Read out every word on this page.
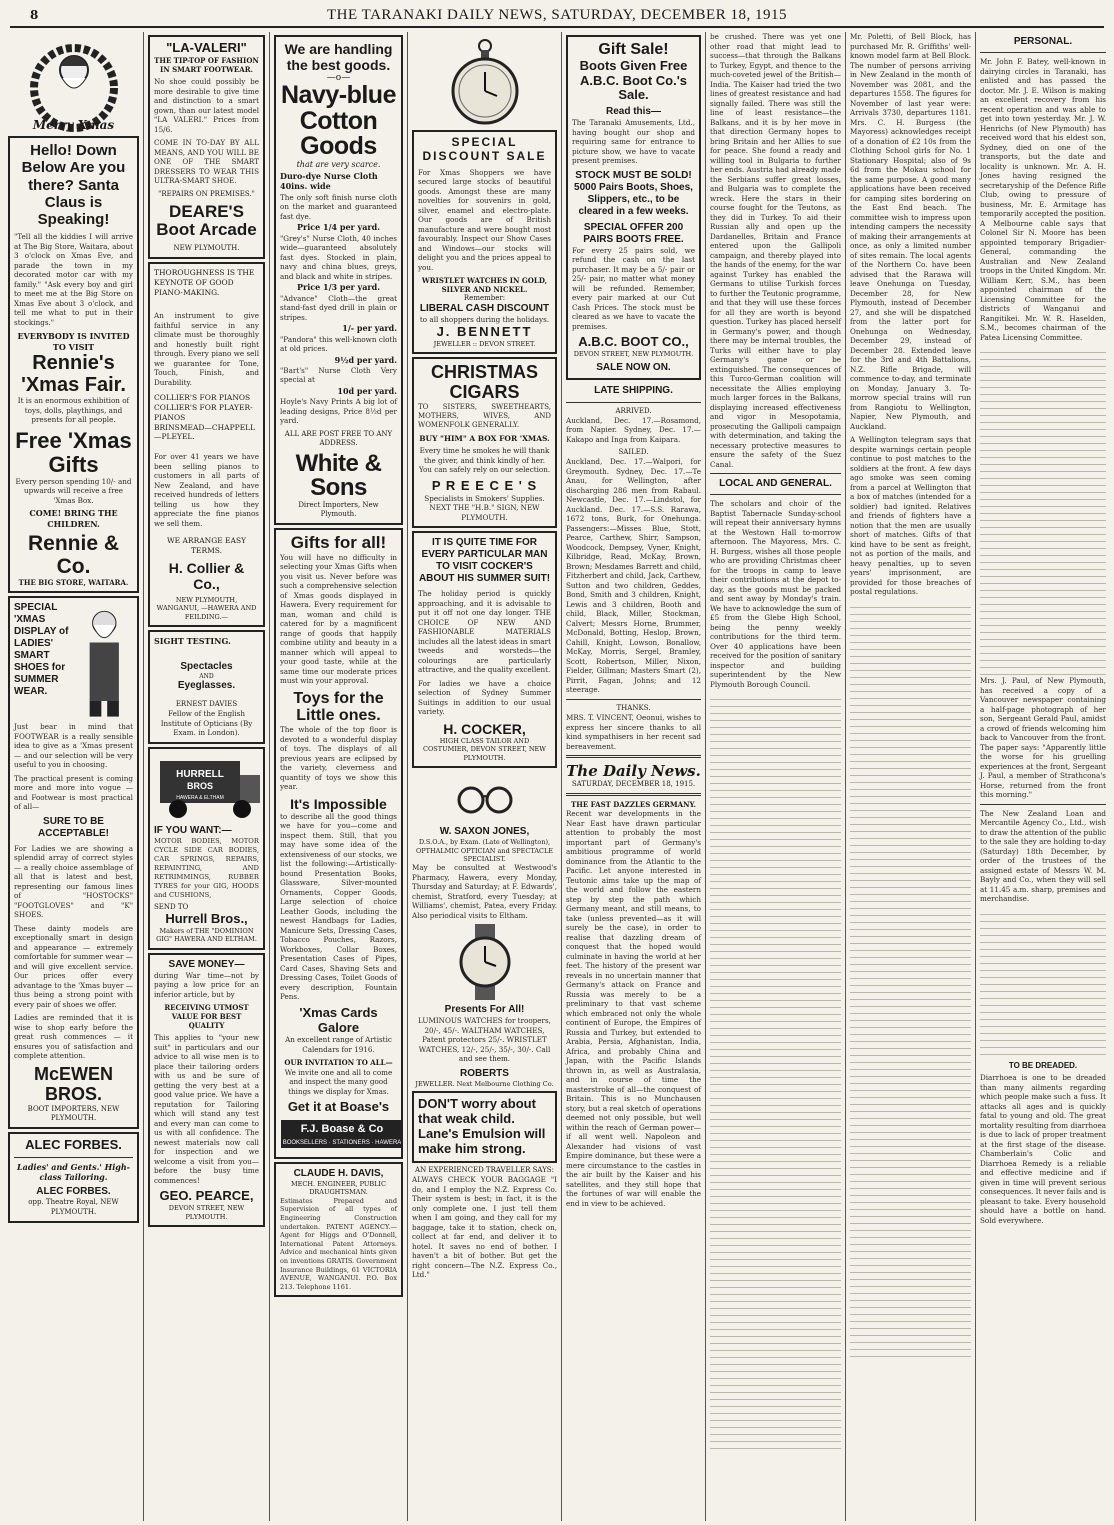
8	THE TARANAKI DAILY NEWS, SATURDAY, DECEMBER 18, 1915
Merry Xmas
Hello! Down Below Are you there? Santa Claus is Speaking!
"Tell all the kiddies I will arrive at The Big Store, Waitara, about 3 o'clock on Xmas Eve, and parade the town in my decorated motor car with my family." "Ask every boy and girl to meet me at the Big Store on Xmas Eve about 3 o'clock, and tell me what to put in their stockings."
EVERYBODY IS INVITED TO VISIT
Rennie's 'Xmas Fair.
It is an enormous exhibition of toys, dolls, playthings, and presents for all people.
Free 'Xmas Gifts
Every person spending 10/- and upwards will receive a free 'Xmas Box.
COME! BRING THE CHILDREN.
Rennie & Co.
THE BIG STORE, WAITARA.
SPECIAL 'XMAS DISPLAY of LADIES' SMART SHOES for SUMMER WEAR.
Just bear in mind that FOOTWEAR is a really sensible idea to give as a 'Xmas present — and our selection will be very useful to you in choosing.
The practical present is coming more and more into vogue — and Footwear is most practical of all—
SURE TO BE ACCEPTABLE!
For Ladies we are showing a splendid array of correct styles — a really choice assemblage of all that is latest and best, representing our famous lines of "HOSTOCKS" "FOOTGLOVES" and "K" SHOES.
These dainty models are exceptionally smart in design and appearance — extremely comfortable for summer wear — and will give excellent service. Our prices offer every advantage to the 'Xmas buyer — thus being a strong point with every pair of shoes we offer.
Ladies are reminded that it is wise to shop early before the great rush commences — it ensures you of satisfaction and complete attention.
McEWEN BROS.
BOOT IMPORTERS, NEW PLYMOUTH.
ALEC FORBES.
Ladies' and Gents.' High-class Tailoring.
ALEC FORBES.
opp. Theatre Royal, NEW PLYMOUTH.
"LA-VALERI"
THE TIP-TOP OF FASHION IN SMART FOOTWEAR.
No shoe could possibly be more desirable to give time and distinction to a smart gown, than our latest model "LA VALERI." Prices from 15/6.
COME IN TO-DAY BY ALL MEANS, AND YOU WILL BE ONE OF THE SMART DRESSERS TO WEAR THIS ULTRA-SMART SHOE.
"REPAIRS ON PREMISES."
DEARE'S Boot Arcade
NEW PLYMOUTH.
THOROUGHNESS IS THE KEYNOTE OF GOOD PIANO-MAKING.
An instrument to give faithful service in any climate must be thoroughly and honestly built right through. Every piano we sell we guarantee for Tone, Touch, Finish, and Durability.
COLLIER'S FOR PIANOS COLLIER'S FOR PLAYER-PIANOS
BRINSMEAD—CHAPPELL—PLEYEL.
For over 41 years we have been selling pianos to customers in all parts of New Zealand, and have received hundreds of letters telling us how they appreciate the fine pianos we sell them.
WE ARRANGE EASY TERMS.
H. Collier & Co.,
NEW PLYMOUTH, WANGANUI, —HAWERA AND FEILDING.—
SIGHT TESTING.
Spectacles
AND
Eyeglasses.
ERNEST DAVIES
Fellow of the English Institute of Opticians (By Exam. in London).
HURRELL
BROS
HAWERA & ELTHAM
IF YOU WANT:—
MOTOR BODIES, MOTOR CYCLE SIDE CAR BODIES, CAR SPRINGS, REPAIRS, REPAINTING, AND RETRIMMINGS, RUBBER TYRES for your GIG, HOODS and CUSHIONS,
SEND TO
Hurrell Bros.,
Makers of THE "DOMINION GIG" HAWERA AND ELTHAM.
SAVE MONEY—
during War time—not by paying a low price for an inferior article, but by
RECEIVING UTMOST VALUE FOR BEST QUALITY
This applies to "your new suit" in particulars and our advice to all wise men is to place their tailoring orders with us and be sure of getting the very best at a good value price. We have a reputation for Tailoring which will stand any test and every man can come to us with all confidence. The newest materials now call for inspection and we welcome a visit from you—before the busy time commences!
GEO. PEARCE,
DEVON STREET, NEW PLYMOUTH.
We are handling the best goods.
—o—
Navy-blue Cotton Goods
that are very scarce.
Duro-dye Nurse Cloth 40ins. wide
The only soft finish nurse cloth on the market and guaranteed fast dye.
Price 1/4 per yard.
"Grey's" Nurse Cloth, 40 inches wide—guaranteed absolutely fast dyes. Stocked in plain, navy and china blues, greys, and black and white in stripes.
Price 1/3 per yard.
"Advance" Cloth—the great stand-fast dyed drill in plain or stripes.
1/- per yard.
"Pandora" this well-known cloth at old prices.
9½d per yard.
"Bart's" Nurse Cloth Very special at
10d per yard.
Hoyle's Navy Prints A big lot of leading designs, Price 8½d per yard.
ALL ARE POST FREE TO ANY ADDRESS.
White & Sons
Direct Importers, New Plymouth.
Gifts for all!
You will have no difficulty in selecting your Xmas Gifts when you visit us. Never before was such a comprehensive selection of Xmas goods displayed in Hawera. Every requirement for man, woman and child is catered for by a magnificent range of goods that happily combine utility and beauty in a manner which will appeal to your good taste, while at the same time our moderate prices must win your approval.
Toys for the Little ones.
The whole of the top floor is devoted to a wonderful display of toys. The displays of all previous years are eclipsed by the variety, cleverness and quantity of toys we show this year.
It's Impossible
to describe all the good things we have for you—come and inspect them. Still, that you may have some idea of the extensiveness of our stocks, we list the following:—Artistically-bound Presentation Books, Glassware, Silver-mounted Ornaments, Copper Goods, Large selection of choice Leather Goods, including the newest Handbags for Ladies, Manicure Sets, Dressing Cases, Tobacco Pouches, Razors, Workboxes, Collar Boxes, Presentation Cases of Pipes, Card Cases, Shaving Sets and Dressing Cases, Toilet Goods of every description, Fountain Pens.
'Xmas Cards Galore
An excellent range of Artistic Calendars for 1916.
OUR INVITATION TO ALL—
We invite one and all to come and inspect the many good things we display for Xmas.
Get it at Boase's
F.J. Boase & Co
BOOKSELLERS · STATIONERS · HAWERA
CLAUDE H. DAVIS,
MECH. ENGINEER, PUBLIC DRAUGHTSMAN.
Estimates Prepared and Supervision of all types of Engineering Construction undertaken. PATENT AGENCY.—Agent for Higgs and O'Donnell, International Patent Attorneys. Advice and mechanical hints given on inventions GRATIS. Government Insurance Buildings, 61 VICTORIA AVENUE, WANGANUI. P.O. Box 213. Telephone 1161.
SPECIAL DISCOUNT SALE
For Xmas Shoppers we have secured large stocks of beautiful goods. Amongst these are many novelties for souvenirs in gold, silver, enamel and electro-plate. Our goods are of British manufacture and were bought most favourably. Inspect our Show Cases and Windows—our stocks will delight you and the prices appeal to you.
WRISTLET WATCHES IN GOLD, SILVER AND NICKEL.
Remember:
LIBERAL CASH DISCOUNT
to all shoppers during the holidays.
J. BENNETT
JEWELLER :: DEVON STREET.
CHRISTMAS CIGARS
TO SISTERS, SWEETHEARTS, MOTHERS, WIVES, AND WOMENFOLK GENERALLY.
BUY "HIM" A BOX FOR 'XMAS.
Every time he smokes he will thank the giver, and think kindly of her. You can safely rely on our selection.
P R E E C E ' S
Specialists in Smokers' Supplies. NEXT THE "H.B." SIGN, NEW PLYMOUTH.
IT IS QUITE TIME FOR EVERY PARTICULAR MAN TO VISIT COCKER'S ABOUT HIS SUMMER SUIT!
The holiday period is quickly approaching, and it is advisable to put it off not one day longer. THE CHOICE OF NEW AND FASHIONABLE MATERIALS includes all the latest ideas in smart tweeds and worsteds—the colourings are particularly attractive, and the quality excellent.
For ladies we have a choice selection of Sydney Summer Suitings in addition to our usual variety.
H. COCKER,
HIGH CLASS TAILOR AND COSTUMIER, DEVON STREET, NEW PLYMOUTH.
W. SAXON JONES,
D.S.O.A., by Exam. (Late of Wellington), OPTHALMIC OPTICIAN and SPECTACLE SPECIALIST.
May be consulted at Westwood's Pharmacy, Hawera, every Monday, Thursday and Saturday; at F. Edwards', chemist, Stratford, every Tuesday; at Williams', chemist, Patea, every Friday. Also periodical visits to Eltham.
Presents For All!
LUMINOUS WATCHES for troopers, 20/-, 45/-. WALTHAM WATCHES, Patent protectors 25/-. WRISTLET WATCHES, 12/-, 25/-, 35/-, 30/-. Call and see them.
ROBERTS
JEWELLER. Next Melbourne Clothing Co.
DON'T worry about that weak child. Lane's Emulsion will make him strong.
AN EXPERIENCED TRAVELLER SAYS:
ALWAYS CHECK YOUR BAGGAGE "I do, and I employ the N.Z. Express Co. Their system is best; in fact, it is the only complete one. I just tell them when I am going, and they call for my baggage, take it to station, check on, collect at far end, and deliver it to hotel. It saves no end of bother. I haven't a bit of bother. But get the right concern—The N.Z. Express Co., Ltd."
Gift Sale!
Boots Given Free
A.B.C. Boot Co.'s Sale.
Read this—
The Taranaki Amusements, Ltd., having bought our shop and requiring same for entrance to picture show, we have to vacate present premises.
STOCK MUST BE SOLD! 5000 Pairs Boots, Shoes, Slippers, etc., to be cleared in a few weeks.
SPECIAL OFFER 200 PAIRS BOOTS FREE.
For every 25 pairs sold, we refund the cash on the last purchaser. It may be a 5/- pair or 25/- pair, no matter what money will be refunded. Remember, every pair marked at our Cut Cash Prices. The stock must be cleared as we have to vacate the premises.
A.B.C. BOOT CO.,
DEVON STREET, NEW PLYMOUTH.
SALE NOW ON.
LATE SHIPPING.
ARRIVED.
Auckland, Dec. 17.—Rosamond, from Napier. Sydney, Dec. 17.—Kakapo and Inga from Kaipara.
SAILED.
Auckland, Dec. 17.—Walpori, for Greymouth. Sydney, Dec. 17.—Te Anau, for Wellington, after discharging 286 men from Rabaul. Newcastle, Dec. 17.—Lindstol, for Auckland. Dec. 17.—S.S. Rarawa, 1672 tons, Burk, for Onehunga. Passengers:—Misses Blue, Stott, Pearce, Carthew, Shirr, Sampson, Woodcock, Dempsey, Vyner, Knight, Kilbridge, Read, McKay, Brown, Brown; Mesdames Barrett and child, Fitzherbert and child, Jack, Carthew, Sutton and two children, Geddes, Bond, Smith and 3 children, Knight, Lewis and 3 children, Booth and child, Black, Miller, Stockman, Calvert; Messrs Horne, Brummer, McDonald, Botting, Heslop, Brown, Cahill, Knight, Lowson, Bonallow, McKay, Morris, Sergel, Bramley, Scott, Robertson, Miller, Nixon, Fielder, Gillman; Masters Smart (2), Pirrit, Fagan, Johns; and 12 steerage.
THANKS.
MRS. T. VINCENT, Oeonui, wishes to express her sincere thanks to all kind sympathisers in her recent sad bereavement.
The Daily News.
SATURDAY, DECEMBER 18, 1915.
THE FAST DAZZLES GERMANY.
Recent war developments in the Near East have drawn particular attention to probably the most important part of Germany's ambitious programme of world dominance from the Atlantic to the Pacific. Let anyone interested in Teutonic aims take up the map of the world and follow the eastern step by step the path which Germany meant, and still means, to take (unless prevented—as it will surely be the case), in order to realise that dazzling dream of conquest that the hoped would culminate in having the world at her feet. The history of the present war reveals in no uncertain manner that Germany's attack on France and Russia was merely to be a preliminary to that vast scheme which embraced not only the whole continent of Europe, the Empires of Russia and Turkey, but extended to Arabia, Persia, Afghanistan, India, Africa, and probably China and Japan, with the Pacific Islands thrown in, as well as Australasia, and in course of time the masterstroke of all—the conquest of Britain. This is no Munchausen story, but a real sketch of operations deemed not only possible, but well within the reach of German power—if all went well. Napoleon and Alexander had visions of vast Empire dominance, but these were a mere circumstance to the castles in the air built by the Kaiser and his satellites, and they still hope that the fortunes of war will enable the end in view to be achieved.
be crushed. There was yet one other road that might lead to success—that through the Balkans to Turkey, Egypt, and thence to the much-coveted jewel of the British—India. The Kaiser had tried the two lines of greatest resistance and had signally failed. There was still the line of least resistance—the Balkans, and it is by her move in that direction Germany hopes to bring Britain and her Allies to sue for peace. She found a ready and willing tool in Bulgaria to further her ends. Austria had already made the Serbians suffer great losses, and Bulgaria was to complete the wreck. Here the stars in their course fought for the Teutons, as they did in Turkey. To aid their Russian ally and open up the Dardanelles, Britain and France entered upon the Gallipoli campaign, and thereby played into the hands of the enemy, for the war against Turkey has enabled the Germans to utilise Turkish forces to further the Teutonic programme, and that they will use these forces for all they are worth is beyond question. Turkey has placed herself in Germany's power, and though there may be internal troubles, the Turks will either have to play Germany's game or be extinguished. The consequences of this Turco-German coalition will necessitate the Allies employing much larger forces in the Balkans, displaying increased effectiveness and vigor in Mesopotamia, prosecuting the Gallipoli campaign with determination, and taking the necessary protective measures to ensure the safety of the Suez Canal.
LOCAL AND GENERAL.
The scholars and choir of the Baptist Tabernacle Sunday-school will repeat their anniversary hymns at the Westown Hall to-morrow afternoon. The Mayoress, Mrs. C. H. Burgess, wishes all those people who are providing Christmas cheer for the troops in camp to leave their contributions at the depot to-day, as the goods must be packed and sent away by Monday's train. We have to acknowledge the sum of £5 from the Glebe High School, being the penny weekly contributions for the third term. Over 40 applications have been received for the position of sanitary inspector and building superintendent by the New Plymouth Borough Council.
Mr. Poletti, of Bell Block, has purchased Mr. R. Griffiths' well-known model farm at Bell Block. The number of persons arriving in New Zealand in the month of November was 2081, and the departures 1558. The figures for November of last year were: Arrivals 3730, departures 1181. Mrs. C. H. Burgess (the Mayoress) acknowledges receipt of a donation of £2 10s from the Clothing School girls for No. 1 Stationary Hospital; also of 9s 6d from the Mokau school for the same purpose. A good many applications have been received for camping sites bordering on the East End beach. The committee wish to impress upon intending campers the necessity of making their arrangements at once, as only a limited number of sites remain. The local agents of the Northern Co. have been advised that the Rarawa will leave Onehunga on Tuesday, December 28, for New Plymouth, instead of December 27, and she will be dispatched from the latter port for Onehunga on Wednesday, December 29, instead of December 28. Extended leave for the 3rd and 4th Battalions, N.Z. Rifle Brigade, will commence to-day, and terminate on Monday, January 3. To-morrow special trains will run from Rangiotu to Wellington, Napier, New Plymouth, and Auckland.
A Wellington telegram says that despite warnings certain people continue to post matches to the soldiers at the front. A few days ago smoke was seen coming from a parcel at Wellington that a box of matches (intended for a soldier) had ignited. Relatives and friends of fighters have a notion that the men are usually short of matches. Gifts of that kind have to be sent as freight, not as portion of the mails, and heavy penalties, up to seven years' imprisonment, are provided for those breaches of postal regulations.
PERSONAL.
Mr. John F. Batey, well-known in dairying circles in Taranaki, has enlisted and has passed the doctor. Mr. J. E. Wilson is making an excellent recovery from his recent operation and was able to get into town yesterday. Mr. J. W. Henrichs (of New Plymouth) has received word that his eldest son, Sydney, died on one of the transports, but the date and locality is unknown. Mr. A. H. Jones having resigned the secretaryship of the Defence Rifle Club, owing to pressure of business, Mr. E. Armitage has temporarily accepted the position. A Melbourne cable says that Colonel Sir N. Moore has been appointed temporary Brigadier-General, commanding the Australian and New Zealand troops in the United Kingdom. Mr. William Kerr, S.M., has been appointed chairman of the Licensing Committee for the districts of Wanganui and Rangitikei. Mr. W. R. Haselden, S.M., becomes chairman of the Patea Licensing Committee.
Mrs. J. Paul, of New Plymouth, has received a copy of a Vancouver newspaper containing a half-page photograph of her son, Sergeant Gerald Paul, amidst a crowd of friends welcoming him back to Vancouver from the front. The paper says: "Apparently little the worse for his gruelling experiences at the front, Sergeant J. Paul, a member of Strathcona's Horse, returned from the front this morning."
The New Zealand Loan and Mercantile Agency Co., Ltd., wish to draw the attention of the public to the sale they are holding to-day (Saturday) 18th December, by order of the trustees of the assigned estate of Messrs W. M. Bayly and Co., when they will sell at 11.45 a.m. sharp, premises and merchandise.
TO BE DREADED.
Diarrhoea is one to be dreaded than many ailments regarding which people make such a fuss. It attacks all ages and is quickly fatal to young and old. The great mortality resulting from diarrhoea is due to lack of proper treatment at the first stage of the disease. Chamberlain's Colic and Diarrhoea Remedy is a reliable and effective medicine and if given in time will prevent serious consequences. It never fails and is pleasant to take. Every household should have a bottle on hand. Sold everywhere.
